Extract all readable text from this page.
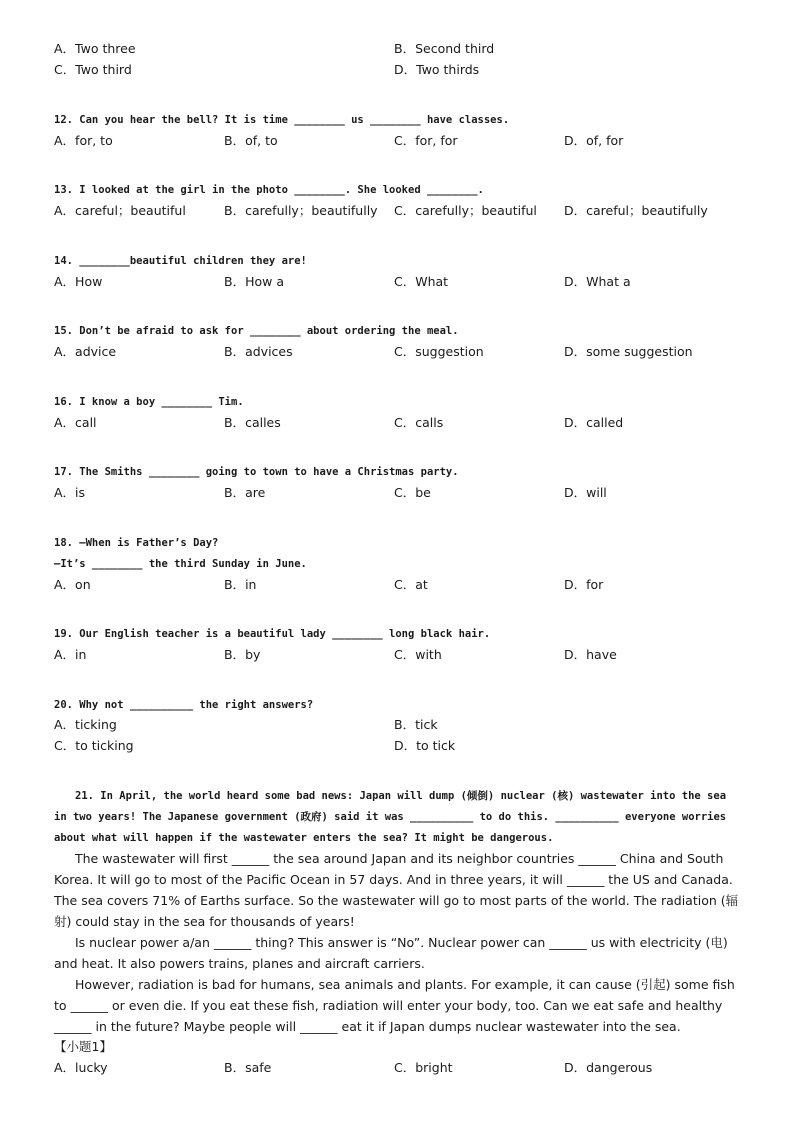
A．Two three	B．Second third
C．Two third	D．Two thirds
12. Can you hear the bell? It is time ________ us ________ have classes.
A．for, to	B．of, to	C．for, for	D．of, for
13. I looked at the girl in the photo ________. She looked ________.
A．careful；beautiful	B．carefully；beautifully C．carefully；beautiful D．careful；beautifully
14. ________beautiful children they are!
A．How	B．How a	C．What	D．What a
15. Don’t be afraid to ask for ________ about ordering the meal.
A．advice	B．advices	C．suggestion	D．some suggestion
16. I know a boy ________ Tim.
A．call	B．calles	C．calls	D．called
17. The Smiths ________ going to town to have a Christmas party.
A．is	B．are	C．be	D．will
18. —When is Father’s Day?
—It’s ________ the third Sunday in June.
A．on	B．in	C．at	D．for
19. Our English teacher is a beautiful lady ________ long black hair.
A．in	B．by	C．with	D．have
20. Why not __________ the right answers?
A．ticking	B．tick
C．to ticking	D．to tick
21. In April, the world heard some bad news: Japan will dump (倾倒) nuclear (核) wastewater into the sea in two years! The Japanese government (政府) said it was __________ to do this. __________ everyone worries about what will happen if the wastewater enters the sea? It might be dangerous.
The wastewater will first ______ the sea around Japan and its neighbor countries ______ China and South Korea. It will go to most of the Pacific Ocean in 57 days. And in three years, it will ______ the US and Canada. The sea covers 71% of Earths surface. So the wastewater will go to most parts of the world. The radiation (辐射) could stay in the sea for thousands of years!
Is nuclear power a/an ______ thing? This answer is “No”. Nuclear power can ______ us with electricity (电) and heat. It also powers trains, planes and aircraft carriers.
However, radiation is bad for humans, sea animals and plants. For example, it can cause (引起) some fish to ______ or even die. If you eat these fish, radiation will enter your body, too. Can we eat safe and healthy ______ in the future? Maybe people will ______ eat it if Japan dumps nuclear wastewater into the sea.
【小题1】
A．lucky	B．safe	C．bright	D．dangerous
